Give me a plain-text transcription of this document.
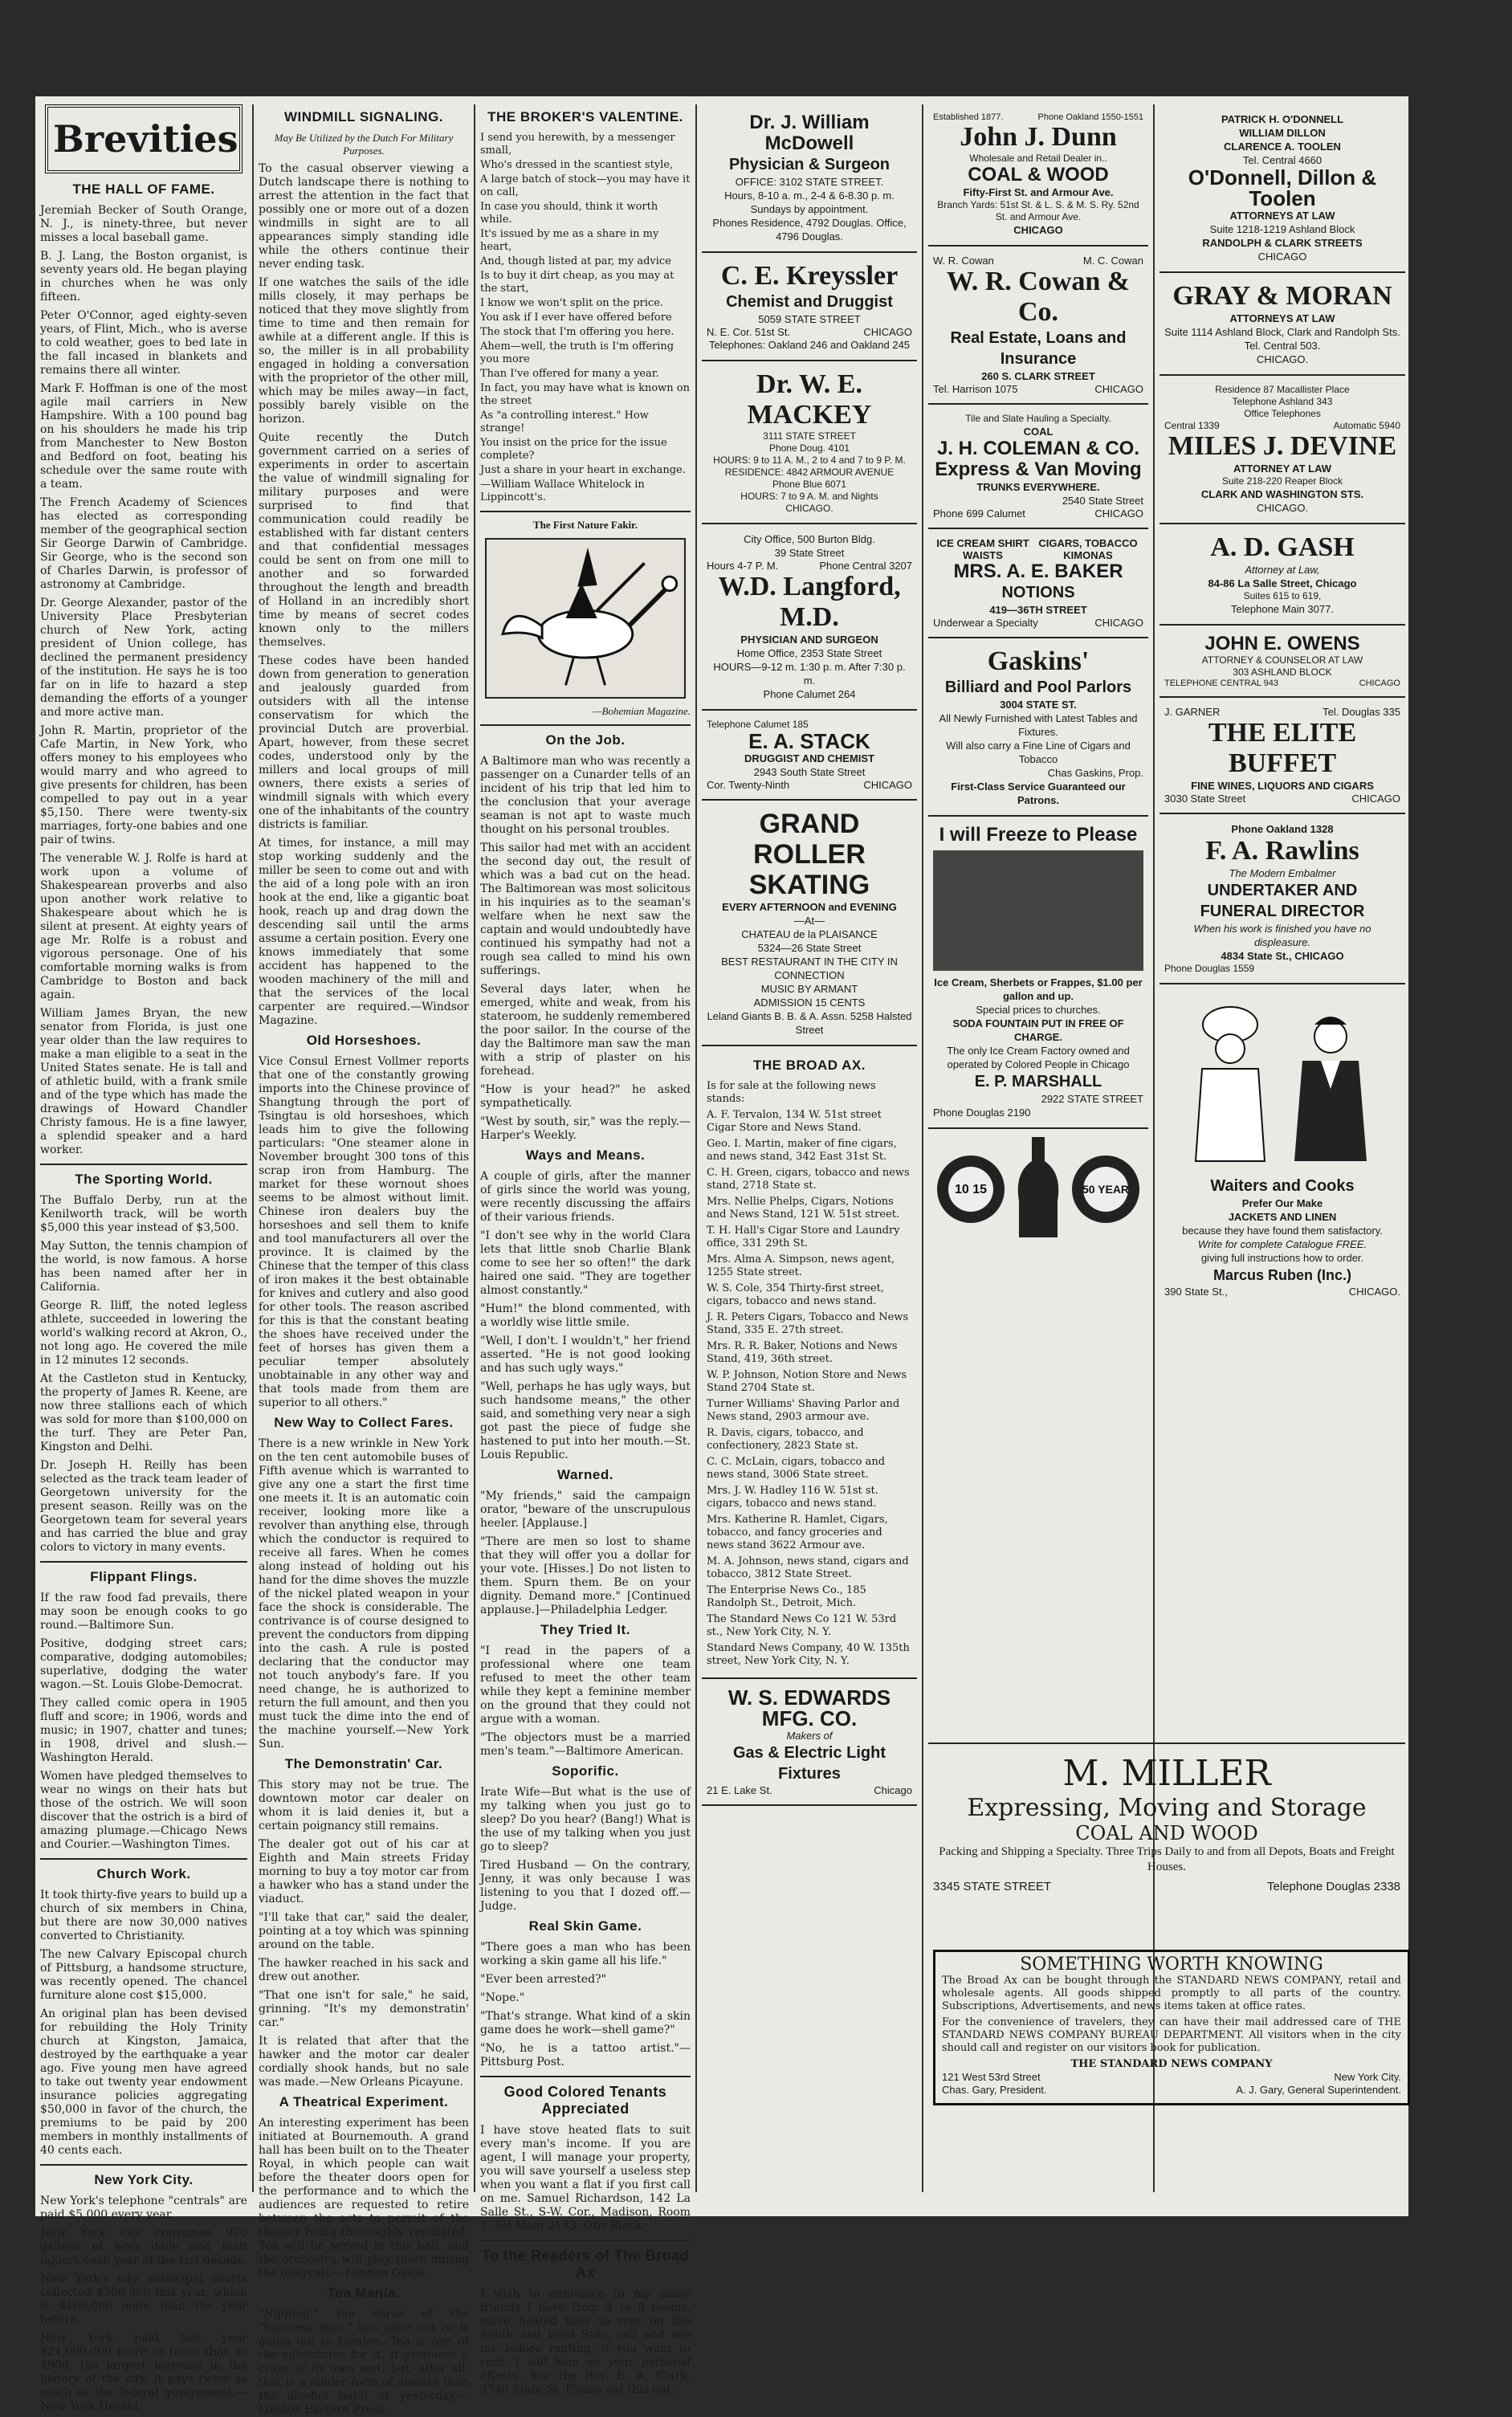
Brevities
THE HALL OF FAME.

Jeremiah Becker of South Orange, N. J., is ninety-three, but never misses a local baseball game.

B. J. Lang, the Boston organist, is seventy years old. He began playing in churches when he was only fifteen.

Peter O'Connor, aged eighty-seven years, of Flint, Mich., who is averse to cold weather, goes to bed late in the fall incased in blankets and remains there all winter.

Mark F. Hoffman is one of the most agile mail carriers in New Hampshire. With a 100 pound bag on his shoulders he made his trip from Manchester to New Boston and Bedford on foot, beating his schedule over the same route with a team.

The French Academy of Sciences has elected as corresponding member of the geographical section Sir George Darwin of Cambridge. Sir George, who is the second son of Charles Darwin, is professor of astronomy at Cambridge.

Dr. George Alexander, pastor of the University Place Presbyterian church of New York, acting president of Union college, has declined the permanent presidency of the institution. He says he is too far on in life to hazard a step demanding the efforts of a younger and more active man.

John R. Martin, proprietor of the Cafe Martin, in New York, who offers money to his employees who would marry and who agreed to give presents for children, has been compelled to pay out in a year $5,150. There were twenty-six marriages, forty-one babies and one pair of twins.

The venerable W. J. Rolfe is hard at work upon a volume of Shakespearean proverbs and also upon another work relative to Shakespeare about which he is silent at present. At eighty years of age Mr. Rolfe is a robust and vigorous personage. One of his comfortable morning walks is from Cambridge to Boston and back again.

William James Bryan, the new senator from Florida, is just one year older than the law requires to make a man eligible to a seat in the United States senate. He is tall and of athletic build, with a frank smile and of the type which has made the drawings of Howard Chandler Christy famous. He is a fine lawyer, a splendid speaker and a hard worker.

The Sporting World.

The Buffalo Derby, run at the Kenilworth track, will be worth $5,000 this year instead of $3,500.

May Sutton, the tennis champion of the world, is now famous. A horse has been named after her in California.

George R. Iliff, the noted legless athlete, succeeded in lowering the world's walking record at Akron, O., not long ago. He covered the mile in 12 minutes 12 seconds.

At the Castleton stud in Kentucky, the property of James R. Keene, are now three stallions each of which was sold for more than $100,000 on the turf. They are Peter Pan, Kingston and Delhi.

Dr. Joseph H. Reilly has been selected as the track team leader of Georgetown university for the present season. Reilly was on the Georgetown team for several years and has carried the blue and gray colors to victory in many events.

Flippant Flings.

If the raw food fad prevails, there may soon be enough cooks to go round.—Baltimore Sun.

Positive, dodging street cars; comparative, dodging automobiles; superlative, dodging the water wagon.—St. Louis Globe-Democrat.

They called comic opera in 1905 fluff and score; in 1906, words and music; in 1907, chatter and tunes; in 1908, drivel and slush.—Washington Herald.

Women have pledged themselves to wear no wings on their hats but those of the ostrich. We will soon discover that the ostrich is a bird of amazing plumage.—Chicago News and Courier.—Washington Times.

Church Work.

It took thirty-five years to build up a church of six members in China, but there are now 30,000 natives converted to Christianity.

The new Calvary Episcopal church of Pittsburg, a handsome structure, was recently opened. The chancel furniture alone cost $15,000.

An original plan has been devised for rebuilding the Holy Trinity church at Kingston, Jamaica, destroyed by the earthquake a year ago. Five young men have agreed to take out twenty year endowment insurance policies aggregating $50,000 in favor of the church, the premiums to be paid by 200 members in monthly installments of 40 cents each.

New York City.

New York's telephone "centrals" are paid $5,000 every year.

New York city consumes 970 gallons of beer daily and malt liquors each year of the last decade.

New York's city municipal courts collected $300,960 this year, which is $100,000 more than the year before.

New York paid last year $21,000,000 more in taxes than in 1906, the largest increase in the history of the city. It pays twice as much as the federal government.—New York Herald.

WINDMILL SIGNALING.
May Be Utilized by the Dutch For Military Purposes.

To the casual observer viewing a Dutch landscape there is nothing to arrest the attention in the fact that possibly one or more out of a dozen windmills in sight are to all appearances simply standing idle while the others continue their never ending task.

If one watches the sails of the idle mills closely, it may perhaps be noticed that they move slightly from time to time and then remain for awhile at a different angle. If this is so, the miller is in all probability engaged in holding a conversation with the proprietor of the other mill, which may be miles away—in fact, possibly barely visible on the horizon.

Quite recently the Dutch government carried on a series of experiments in order to ascertain the value of windmill signaling for military purposes and were surprised to find that communication could readily be established with far distant centers and that confidential messages could be sent on from one mill to another and so forwarded throughout the length and breadth of Holland in an incredibly short time by means of secret codes known only to the millers themselves.

These codes have been handed down from generation to generation and jealously guarded from outsiders with all the intense conservatism for which the provincial Dutch are proverbial. Apart, however, from these secret codes, understood only by the millers and local groups of mill owners, there exists a series of windmill signals with which every one of the inhabitants of the country districts is familiar.

At times, for instance, a mill may stop working suddenly and the miller be seen to come out and with the aid of a long pole with an iron hook at the end, like a gigantic boat hook, reach up and drag down the descending sail until the arms assume a certain position. Every one knows immediately that some accident has happened to the wooden machinery of the mill and that the services of the local carpenter are required.—Windsor Magazine.

Old Horseshoes.

Vice Consul Ernest Vollmer reports that one of the constantly growing imports into the Chinese province of Shangtung through the port of Tsingtau is old horseshoes, which leads him to give the following particulars: "One steamer alone in November brought 300 tons of this scrap iron from Hamburg. The market for these wornout shoes seems to be almost without limit. Chinese iron dealers buy the horseshoes and sell them to knife and tool manufacturers all over the province. It is claimed by the Chinese that the temper of this class of iron makes it the best obtainable for knives and cutlery and also good for other tools. The reason ascribed for this is that the constant beating the shoes have received under the feet of horses has given them a peculiar temper absolutely unobtainable in any other way and that tools made from them are superior to all others."

New Way to Collect Fares.

There is a new wrinkle in New York on the ten cent automobile buses of Fifth avenue which is warranted to give any one a start the first time one meets it. It is an automatic coin receiver, looking more like a revolver than anything else, through which the conductor is required to receive all fares. When he comes along instead of holding out his hand for the dime shoves the muzzle of the nickel plated weapon in your face the shock is considerable. The contrivance is of course designed to prevent the conductors from dipping into the cash. A rule is posted declaring that the conductor may not touch anybody's fare. If you need change, he is authorized to return the full amount, and then you must tuck the dime into the end of the machine yourself.—New York Sun.

The Demonstratin' Car.

This story may not be true. The downtown motor car dealer on whom it is laid denies it, but a certain poignancy still remains.

The dealer got out of his car at Eighth and Main streets Friday morning to buy a toy motor car from a hawker who has a stand under the viaduct.

"I'll take that car," said the dealer, pointing at a toy which was spinning around on the table.

The hawker reached in his sack and drew out another.

"That one isn't for sale," he said, grinning. "It's my demonstratin' car."

It is related that after that the hawker and the motor car dealer cordially shook hands, but no sale was made.—New Orleans Picayune.

A Theatrical Experiment.

An interesting experiment has been initiated at Bournemouth. A grand hall has been built on to the Theater Royal, in which people can wait before the theater doors open for the performance and to which the audiences are requested to retire between the acts to permit of the theater being thoroughly ventilated. Tea will be served in this hall, and the orchestra will play there during the intervals.—London Globe.

Tea Mania.

"Nipping," the curse of the "business man," has gone out or is going out in London. Tea is one of the substitutes for it. It produces a craze of its own sort; but, after all, that is a milder form of disease than the alcohol habit of yesterday.—London Eastern Press.

THE BROKER'S VALENTINE.

I send you herewith, by a messenger small,

Who's dressed in the scantiest style,

A large batch of stock—you may have it on call,

In case you should, think it worth while.

It's issued by me as a share in my heart,

And, though listed at par, my advice

Is to buy it dirt cheap, as you may at the start,

I know we won't split on the price.

You ask if I ever have offered before

The stock that I'm offering you here.

Ahem—well, the truth is I'm offering you more

Than I've offered for many a year.

In fact, you may have what is known on the street

As "a controlling interest." How strange!

You insist on the price for the issue complete?

Just a share in your heart in exchange.

—William Wallace Whitelock in Lippincott's.

The First Nature Fakir.
—Bohemian Magazine.
On the Job.

A Baltimore man who was recently a passenger on a Cunarder tells of an incident of his trip that led him to the conclusion that your average seaman is not apt to waste much thought on his personal troubles.

This sailor had met with an accident the second day out, the result of which was a bad cut on the head. The Baltimorean was most solicitous in his inquiries as to the seaman's welfare when he next saw the captain and would undoubtedly have continued his sympathy had not a rough sea called to mind his own sufferings.

Several days later, when he emerged, white and weak, from his stateroom, he suddenly remembered the poor sailor. In the course of the day the Baltimore man saw the man with a strip of plaster on his forehead.

"How is your head?" he asked sympathetically.

"West by south, sir," was the reply.—Harper's Weekly.

Ways and Means.

A couple of girls, after the manner of girls since the world was young, were recently discussing the affairs of their various friends.

"I don't see why in the world Clara lets that little snob Charlie Blank come to see her so often!" the dark haired one said. "They are together almost constantly."

"Hum!" the blond commented, with a worldly wise little smile.

"Well, I don't. I wouldn't," her friend asserted. "He is not good looking and has such ugly ways."

"Well, perhaps he has ugly ways, but such handsome means," the other said, and something very near a sigh got past the piece of fudge she hastened to put into her mouth.—St. Louis Republic.

Warned.

"My friends," said the campaign orator, "beware of the unscrupulous heeler. [Applause.]

"There are men so lost to shame that they will offer you a dollar for your vote. [Hisses.] Do not listen to them. Spurn them. Be on your dignity. Demand more." [Continued applause.]—Philadelphia Ledger.

They Tried It.

"I read in the papers of a professional where one team refused to meet the other team while they kept a feminine member on the ground that they could not argue with a woman.

"The objectors must be a married men's team."—Baltimore American.

Soporific.

Irate Wife—But what is the use of my talking when you just go to sleep? Do you hear? (Bang!) What is the use of my talking when you just go to sleep?

Tired Husband — On the contrary, Jenny, it was only because I was listening to you that I dozed off.—Judge.

Real Skin Game.

"There goes a man who has been working a skin game all his life."

"Ever been arrested?"

"Nope."

"That's strange. What kind of a skin game does he work—shell game?"

"No, he is a tattoo artist."—Pittsburg Post.

Good Colored Tenants Appreciated

I have stove heated flats to suit every man's income. If you are agent, I will manage your property, you will save yourself a useless step when you want a flat if you first call on me. Samuel Richardson, 142 La Salle St., S-W. Cor., Madison, Room 1, Tel Main 2133. Otis Block.

To the Readers of The Broad Ax

I wish to announce to my many friends I have from 4 to 8 rooms, stove heated flats to rent on the South and West Side, call and see me before renting, if you want to rent, I will loan on your personal effects. See the Rev. E. A. Clark, 3740 State St. Please cut this out.

Dr. J. William McDowell
Physician & Surgeon
OFFICE: 3102 STATE STREET.
Hours, 8-10 a. m., 2-4 & 6-8.30 p. m.
Sundays by appointment.
Phones Residence, 4792 Douglas. Office, 4796 Douglas.
C. E. Kreyssler
Chemist and Druggist
5059 STATE STREET
N. E. Cor. 51st St.	CHICAGO
Telephones: Oakland 246 and Oakland 245
Dr. W. E. MACKEY
3111 STATE STREET
Phone Doug. 4101
HOURS: 9 to 11 A. M., 2 to 4 and 7 to 9 P. M.
RESIDENCE: 4842 ARMOUR AVENUE
Phone Blue 6071
HOURS: 7 to 9 A. M. and Nights
CHICAGO.
City Office, 500 Burton Bldg.
39 State Street
Hours 4-7 P. M.	Phone Central 3207
W.D. Langford, M.D.
PHYSICIAN AND SURGEON
Home Office, 2353 State Street
HOURS—9-12 m. 1:30 p. m. After 7:30 p. m.
Phone Calumet 264
Telephone Calumet 185
E. A. STACK
DRUGGIST AND CHEMIST
2943 South State Street
Cor. Twenty-Ninth	CHICAGO
GRAND
ROLLER
SKATING
EVERY AFTERNOON and EVENING
—At—
CHATEAU de la PLAISANCE
5324—26 State Street
BEST RESTAURANT IN THE CITY IN CONNECTION
MUSIC BY ARMANT
ADMISSION 15 CENTS
Leland Giants B. B. & A. Assn. 5258 Halsted Street
THE BROAD AX.

Is for sale at the following news stands:

A. F. Tervalon, 134 W. 51st street Cigar Store and News Stand.

Geo. I. Martin, maker of fine cigars, and news stand, 342 East 31st St.

C. H. Green, cigars, tobacco and news stand, 2718 State st.

Mrs. Nellie Phelps, Cigars, Notions and News Stand, 121 W. 51st street.

T. H. Hall's Cigar Store and Laundry office, 331 29th St.

Mrs. Alma A. Simpson, news agent, 1255 State street.

W. S. Cole, 354 Thirty-first street, cigars, tobacco and news stand.

J. R. Peters Cigars, Tobacco and News Stand, 335 E. 27th street.

Mrs. R. R. Baker, Notions and News Stand, 419, 36th street.

W. P. Johnson, Notion Store and News Stand 2704 State st.

Turner Williams' Shaving Parlor and News stand, 2903 armour ave.

R. Davis, cigars, tobacco, and confectionery, 2823 State st.

C. C. McLain, cigars, tobacco and news stand, 3006 State street.

Mrs. J. W. Hadley 116 W. 51st st. cigars, tobacco and news stand.

Mrs. Katherine R. Hamlet, Cigars, tobacco, and fancy groceries and news stand 3622 Armour ave.

M. A. Johnson, news stand, cigars and tobacco, 3812 State Street.

The Enterprise News Co., 185 Randolph St., Detroit, Mich.

The Standard News Co 121 W. 53rd st., New York City, N. Y.

Standard News Company, 40 W. 135th street, New York City, N. Y.

W. S. EDWARDS MFG. CO.
Makers of
Gas & Electric Light Fixtures
21 E. Lake St.	Chicago
Established 1877.	Phone Oakland 1550-1551
John J. Dunn
Wholesale and Retail Dealer in..
COAL & WOOD
Fifty-First St. and Armour Ave.
Branch Yards: 51st St. & L. S. & M. S. Ry. 52nd St. and Armour Ave.
CHICAGO
W. R. Cowan	M. C. Cowan
W. R. Cowan & Co.
Real Estate, Loans and Insurance
260 S. CLARK STREET
Tel. Harrison 1075	CHICAGO
Tile and Slate Hauling a Specialty.
COAL
J. H. COLEMAN & CO.
Express & Van Moving
TRUNKS EVERYWHERE.
2540 State Street
Phone 699 Calumet	CHICAGO
ICE CREAM SHIRT WAISTS
CIGARS, TOBACCO KIMONAS
MRS. A. E. BAKER
NOTIONS
419—36TH STREET
Underwear a Specialty	CHICAGO
Gaskins'
Billiard and Pool Parlors
3004 STATE ST.
All Newly Furnished with Latest Tables and Fixtures.
Will also carry a Fine Line of Cigars and Tobacco
Chas Gaskins, Prop.
First-Class Service Guaranteed our Patrons.
I will Freeze to Please
Ice Cream, Sherbets or Frappes, $1.00 per gallon and up.
Special prices to churches.
SODA FOUNTAIN PUT IN FREE OF CHARGE.
The only Ice Cream Factory owned and operated by Colored People in Chicago
E. P. MARSHALL
2922 STATE STREET
Phone Douglas 2190
10 15	50 YEAR
PATRICK H. O'DONNELL
WILLIAM DILLON
CLARENCE A. TOOLEN
Tel. Central 4660
O'Donnell, Dillon &
Toolen
ATTORNEYS AT LAW
Suite 1218-1219 Ashland Block
RANDOLPH & CLARK STREETS
CHICAGO
GRAY & MORAN
ATTORNEYS AT LAW
Suite 1114 Ashland Block, Clark and Randolph Sts. Tel. Central 503.
CHICAGO.
Residence 87 Macallister Place
Telephone Ashland 343
Office Telephones
Central 1339	Automatic 5940
MILES J. DEVINE
ATTORNEY AT LAW
Suite 218-220 Reaper Block
CLARK AND WASHINGTON STS.
CHICAGO.
A. D. GASH
Attorney at Law,
84-86 La Salle Street, Chicago
Suites 615 to 619,
Telephone Main 3077.
JOHN E. OWENS
ATTORNEY & COUNSELOR AT LAW
303 ASHLAND BLOCK
TELEPHONE CENTRAL 943	CHICAGO
J. GARNER	Tel. Douglas 335
THE ELITE BUFFET
FINE WINES, LIQUORS AND CIGARS
3030 State Street	CHICAGO
Phone Oakland 1328
F. A. Rawlins
The Modern Embalmer
UNDERTAKER AND
FUNERAL DIRECTOR
When his work is finished you have no displeasure.
4834 State St., CHICAGO
Phone Douglas 1559
Waiters and Cooks
Prefer Our Make
JACKETS AND LINEN
because they have found them satisfactory.
Write for complete Catalogue FREE.
giving full instructions how to order.
Marcus Ruben (Inc.)
390 State St.,	CHICAGO.
M. MILLER
Expressing, Moving and Storage
COAL AND WOOD
Packing and Shipping a Specialty. Three Trips Daily to and from all Depots, Boats and Freight Houses.
3345 STATE STREET	Telephone Douglas 2338
SOMETHING WORTH KNOWING

The Broad Ax can be bought through the STANDARD NEWS COMPANY, retail and wholesale agents. All goods shipped promptly to all parts of the country. Subscriptions, Advertisements, and news items taken at office rates.

For the convenience of travelers, they can have their mail addressed care of THE STANDARD NEWS COMPANY BUREAU DEPARTMENT. All visitors when in the city should call and register on our visitors book for publication.

THE STANDARD NEWS COMPANY
121 West 53rd Street	New York City.
Chas. Gary, President.	A. J. Gary, General Superintendent.
